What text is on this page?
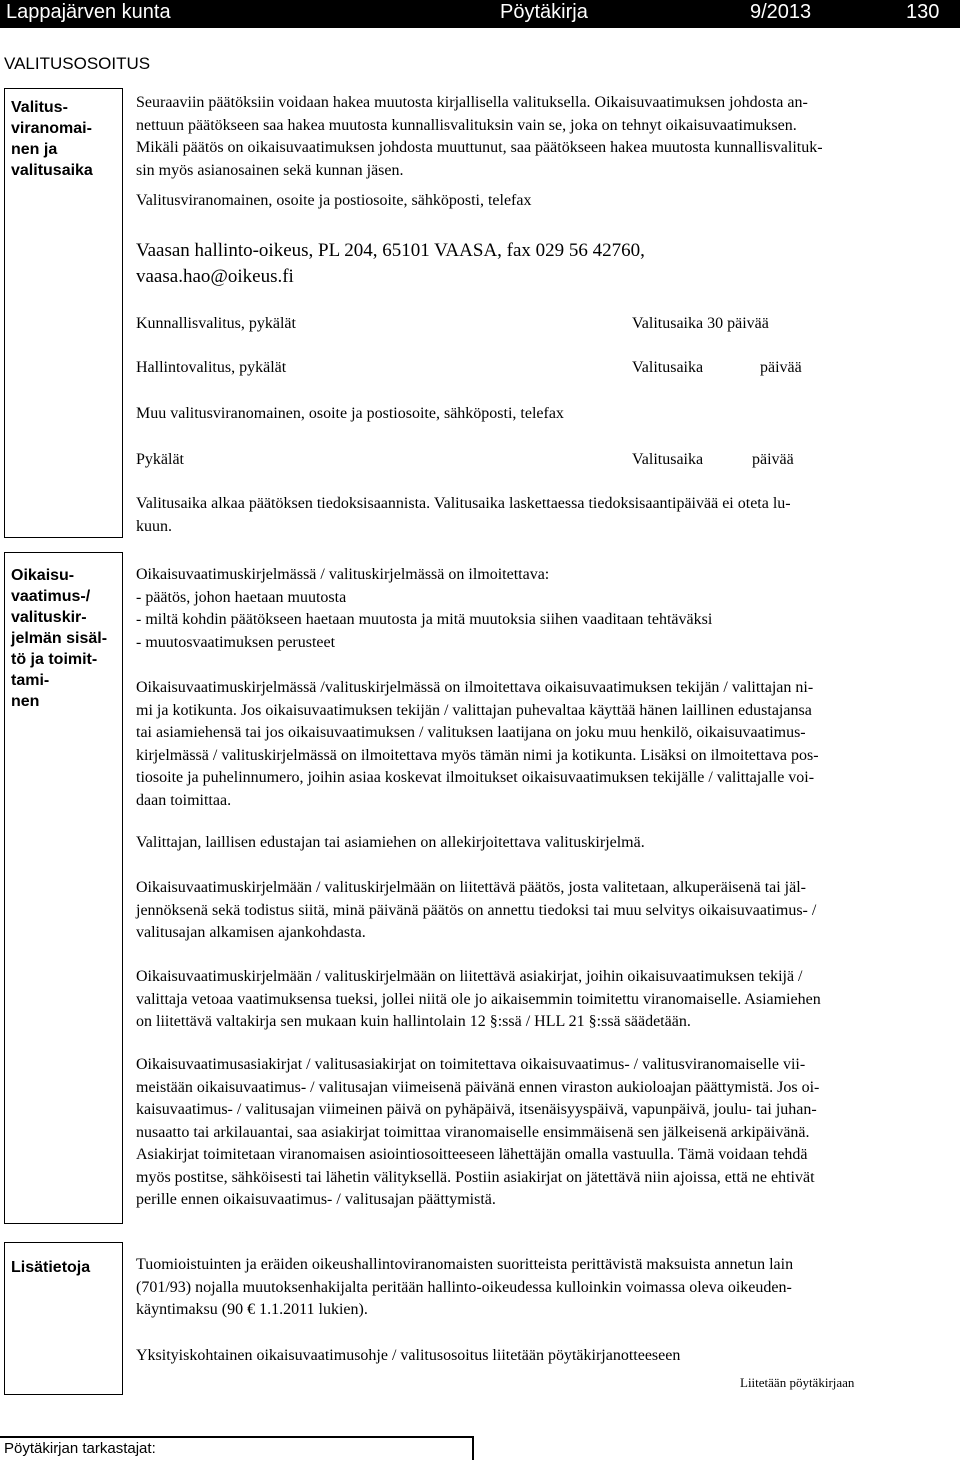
Lappajärven kunta	Pöytäkirja	9/2013	130
VALITUSOSOITUS
Valitus-
viranomai-
nen ja
valitusaika

Seuraaviin päätöksiin voidaan hakea muutosta kirjallisella valituksella. Oikaisuvaatimuksen johdosta an-

nettuun päätökseen saa hakea muutosta kunnallisvalituksin vain se, joka on tehnyt oikaisuvaatimuksen.

Mikäli päätös on oikaisuvaatimuksen johdosta muuttunut, saa päätökseen hakea muutosta kunnallisvalituk-

sin myös asianosainen sekä kunnan jäsen.

Valitusviranomainen, osoite ja postiosoite, sähköposti, telefax
Vaasan hallinto-oikeus, PL 204, 65101 VAASA, fax 029 56 42760,
vaasa.hao@oikeus.fi
Kunnallisvalitus, pykälät	Valitusaika 30 päivää
Hallintovalitus, pykälät	Valitusaika	päivää
Muu valitusviranomainen, osoite ja postiosoite, sähköposti, telefax
Pykälät	Valitusaika	päivää

Valitusaika alkaa päätöksen tiedoksisaannista. Valitusaika laskettaessa tiedoksisaantipäivää ei oteta lu-

kuun.

Oikaisu-
vaatimus-/
valituskir-
jelmän sisäl-
tö ja toimit-
tami-
nen

Oikaisuvaatimuskirjelmässä / valituskirjelmässä on ilmoitettava:

- päätös, johon haetaan muutosta

- miltä kohdin päätökseen haetaan muutosta ja mitä muutoksia siihen vaaditaan tehtäväksi

- muutosvaatimuksen perusteet

Oikaisuvaatimuskirjelmässä /valituskirjelmässä on ilmoitettava oikaisuvaatimuksen tekijän / valittajan ni-

mi ja kotikunta. Jos oikaisuvaatimuksen tekijän / valittajan puhevaltaa käyttää hänen laillinen edustajansa

tai asiamiehensä tai jos oikaisuvaatimuksen / valituksen laatijana on joku muu henkilö, oikaisuvaatimus-

kirjelmässä / valituskirjelmässä on ilmoitettava myös tämän nimi ja kotikunta. Lisäksi on ilmoitettava pos-

tiosoite ja puhelinnumero, joihin asiaa koskevat ilmoitukset oikaisuvaatimuksen tekijälle / valittajalle voi-

daan toimittaa.

Valittajan, laillisen edustajan tai asiamiehen on allekirjoitettava valituskirjelmä.

Oikaisuvaatimuskirjelmään / valituskirjelmään on liitettävä päätös, josta valitetaan, alkuperäisenä tai jäl-

jennöksenä sekä todistus siitä, minä päivänä päätös on annettu tiedoksi tai muu selvitys oikaisuvaatimus- /

valitusajan alkamisen ajankohdasta.

Oikaisuvaatimuskirjelmään / valituskirjelmään on liitettävä asiakirjat, joihin oikaisuvaatimuksen tekijä /

valittaja vetoaa vaatimuksensa tueksi, jollei niitä ole jo aikaisemmin toimitettu viranomaiselle. Asiamiehen

on liitettävä valtakirja sen mukaan kuin hallintolain 12 §:ssä / HLL 21 §:ssä säädetään.

Oikaisuvaatimusasiakirjat / valitusasiakirjat on toimitettava oikaisuvaatimus- / valitusviranomaiselle vii-

meistään oikaisuvaatimus- / valitusajan viimeisenä päivänä ennen viraston aukioloajan päättymistä. Jos oi-

kaisuvaatimus- / valitusajan viimeinen päivä on pyhäpäivä, itsenäisyyspäivä, vapunpäivä, joulu- tai juhan-

nusaatto tai arkilauantai, saa asiakirjat toimittaa viranomaiselle ensimmäisenä sen jälkeisenä arkipäivänä.

Asiakirjat toimitetaan viranomaisen asiointiosoitteeseen lähettäjän omalla vastuulla. Tämä voidaan tehdä

myös postitse, sähköisesti tai lähetin välityksellä. Postiin asiakirjat on jätettävä niin ajoissa, että ne ehtivät

perille ennen oikaisuvaatimus- / valitusajan päättymistä.

Lisätietoja	Tuomioistuinten ja eräiden oikeushallintoviranomaisten suoritteista perittävistä maksuista annetun lain

(701/93) nojalla muutoksenhakijalta peritään hallinto-oikeudessa kulloinkin voimassa oleva oikeuden-

käyntimaksu (90 € 1.1.2011 lukien).

Yksityiskohtainen oikaisuvaatimusohje / valitusosoitus liitetään pöytäkirjanotteeseen
Liitetään pöytäkirjaan
Pöytäkirjan tarkastajat:
